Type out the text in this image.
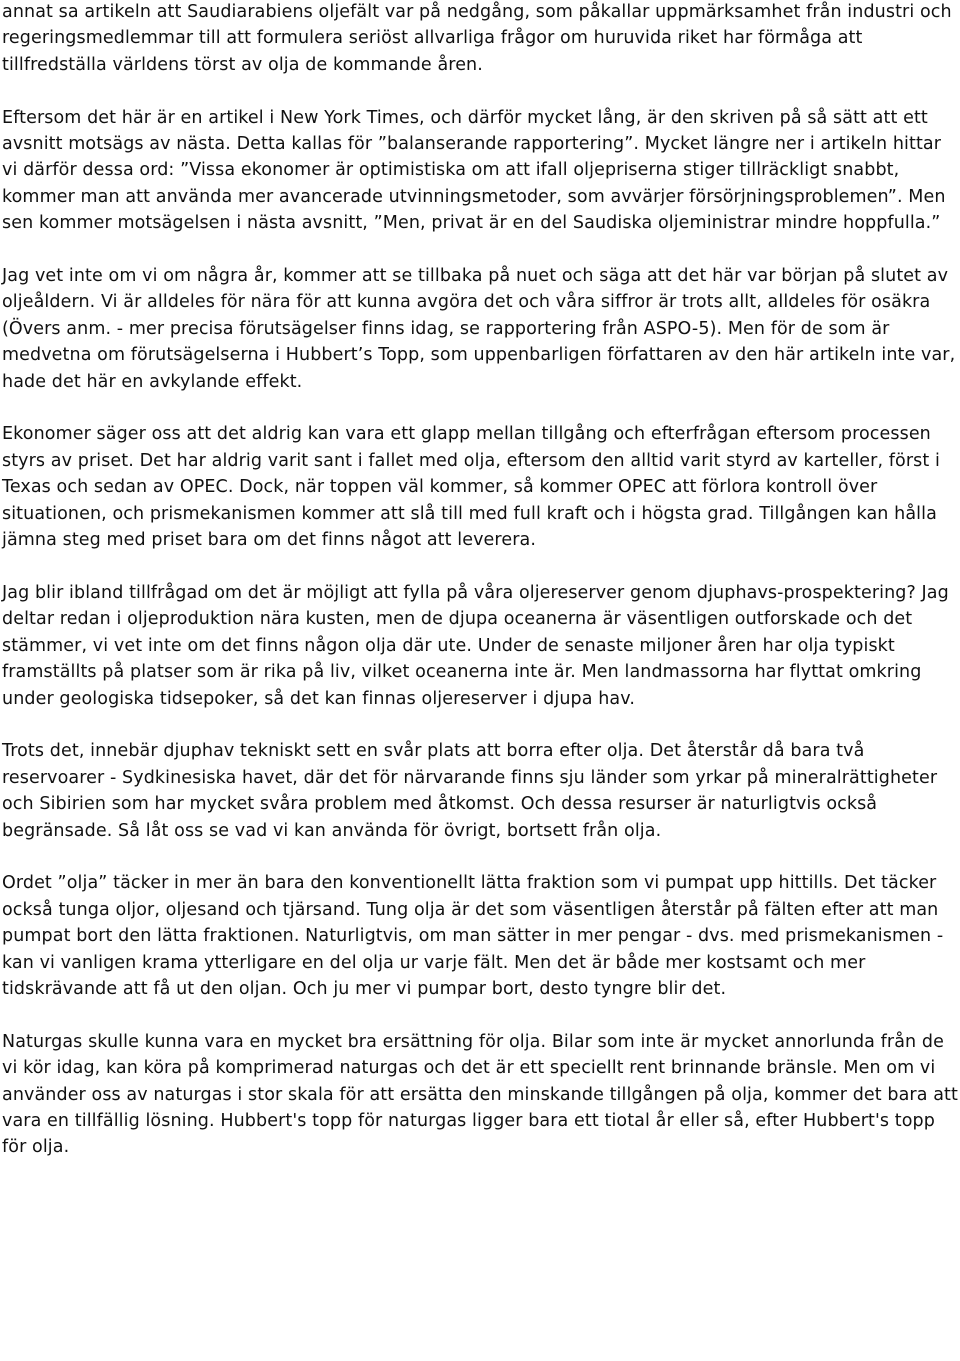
annat sa artikeln att Saudiarabiens oljefält var på nedgång, som påkallar uppmärksamhet från industri och regeringsmedlemmar till att formulera seriöst allvarliga frågor om huruvida riket har förmåga att tillfredställa världens törst av olja de kommande åren.

Eftersom det här är en artikel i New York Times, och därför mycket lång, är den skriven på så sätt att ett avsnitt motsägs av nästa. Detta kallas för ”balanserande rapportering”. Mycket längre ner i artikeln hittar vi därför dessa ord: ”Vissa ekonomer är optimistiska om att ifall oljepriserna stiger tillräckligt snabbt, kommer man att använda mer avancerade utvinningsmetoder, som avvärjer försörjningsproblemen”. Men sen kommer motsägelsen i nästa avsnitt, ”Men, privat är en del Saudiska oljeministrar mindre hoppfulla.”

Jag vet inte om vi om några år, kommer att se tillbaka på nuet och säga att det här var början på slutet av oljeåldern. Vi är alldeles för nära för att kunna avgöra det och våra siffror är trots allt, alldeles för osäkra (Övers anm. - mer precisa förutsägelser finns idag, se rapportering från ASPO-5). Men för de som är medvetna om förutsägelserna i Hubbert’s Topp, som uppenbarligen författaren av den här artikeln inte var, hade det här en avkylande effekt.

Ekonomer säger oss att det aldrig kan vara ett glapp mellan tillgång och efterfrågan eftersom processen styrs av priset. Det har aldrig varit sant i fallet med olja, eftersom den alltid varit styrd av karteller, först i Texas och sedan av OPEC. Dock, när toppen väl kommer, så kommer OPEC att förlora kontroll över situationen, och prismekanismen kommer att slå till med full kraft och i högsta grad. Tillgången kan hålla jämna steg med priset bara om det finns något att leverera.

Jag blir ibland tillfrågad om det är möjligt att fylla på våra oljereserver genom djuphavs-prospektering? Jag deltar redan i oljeproduktion nära kusten, men de djupa oceanerna är väsentligen outforskade och det stämmer, vi vet inte om det finns någon olja där ute. Under de senaste miljoner åren har olja typiskt framställts på platser som är rika på liv, vilket oceanerna inte är. Men landmassorna har flyttat omkring under geologiska tidsepoker, så det kan finnas oljereserver i djupa hav.

Trots det, innebär djuphav tekniskt sett en svår plats att borra efter olja. Det återstår då bara två reservoarer - Sydkinesiska havet, där det för närvarande finns sju länder som yrkar på mineralrättigheter och Sibirien som har mycket svåra problem med åtkomst. Och dessa resurser är naturligtvis också begränsade. Så låt oss se vad vi kan använda för övrigt, bortsett från olja.

Ordet ”olja” täcker in mer än bara den konventionellt lätta fraktion som vi pumpat upp hittills. Det täcker också tunga oljor, oljesand och tjärsand. Tung olja är det som väsentligen återstår på fälten efter att man pumpat bort den lätta fraktionen. Naturligtvis, om man sätter in mer pengar - dvs. med prismekanismen - kan vi vanligen krama ytterligare en del olja ur varje fält. Men det är både mer kostsamt och mer tidskrävande att få ut den oljan. Och ju mer vi pumpar bort, desto tyngre blir det.

Naturgas skulle kunna vara en mycket bra ersättning för olja. Bilar som inte är mycket annorlunda från de vi kör idag, kan köra på komprimerad naturgas och det är ett speciellt rent brinnande bränsle. Men om vi använder oss av naturgas i stor skala för att ersätta den minskande tillgången på olja, kommer det bara att vara en tillfällig lösning. Hubbert's topp för naturgas ligger bara ett tiotal år eller så, efter Hubbert's topp för olja.
